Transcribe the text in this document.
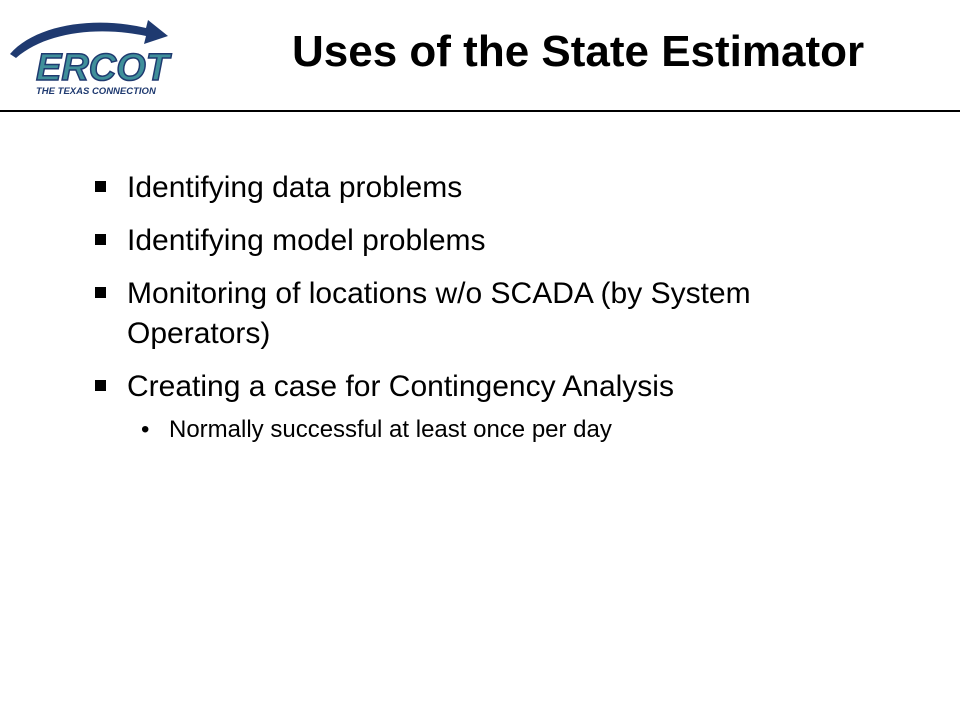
ERCOT
THE TEXAS CONNECTION
Uses of the State Estimator
Identifying data problems
Identifying model problems
Monitoring of locations w/o SCADA (by System Operators)
Creating a case for Contingency Analysis
• Normally successful at least once per day
